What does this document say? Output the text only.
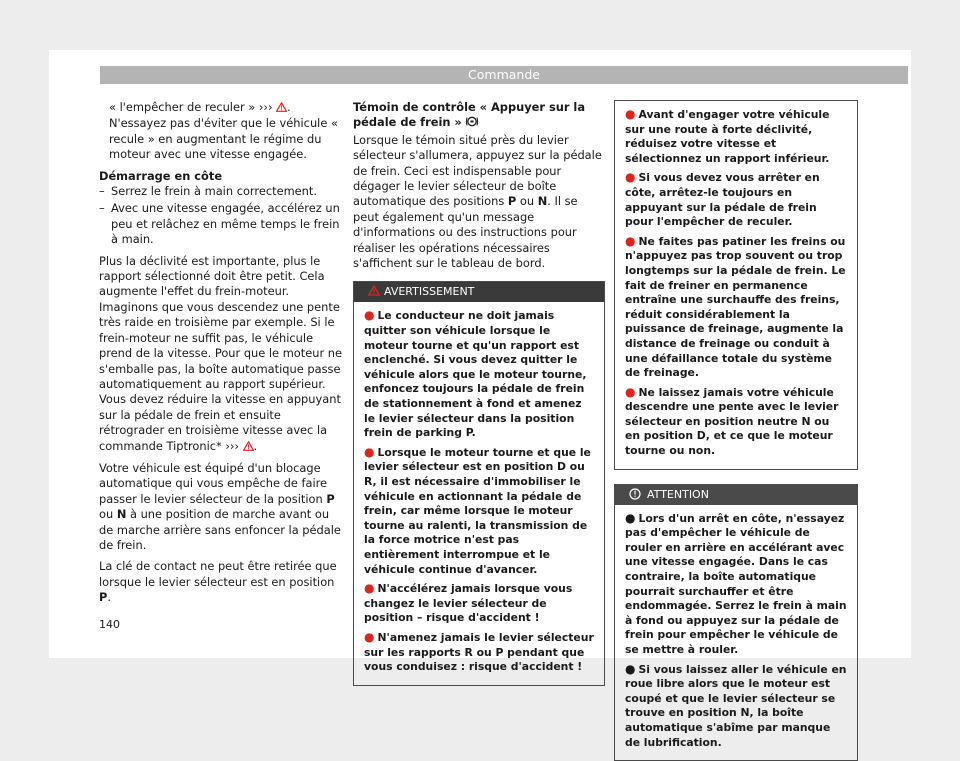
Commande

« l'empêcher de reculer » ››› . N'essayez pas d'éviter que le véhicule « recule » en augmentant le régime du moteur avec une vitesse engagée.

Démarrage en côte

– Serrez le frein à main correctement.
– Avec une vitesse engagée, accélérez un peu et relâchez en même temps le frein à main.

Plus la déclivité est importante, plus le rapport sélectionné doit être petit. Cela augmente l'effet du frein-moteur. Imaginons que vous descendez une pente très raide en troisième par exemple. Si le frein-moteur ne suffit pas, le véhicule prend de la vitesse. Pour que le moteur ne s'emballe pas, la boîte automatique passe automatiquement au rapport supérieur. Vous devez réduire la vitesse en appuyant sur la pédale de frein et ensuite rétrograder en troisième vitesse avec la commande Tiptronic* ››› .

Votre véhicule est équipé d'un blocage automatique qui vous empêche de faire passer le levier sélecteur de la position P ou N à une position de marche avant ou de marche arrière sans enfoncer la pédale de frein.

La clé de contact ne peut être retirée que lorsque le levier sélecteur est en position P.

Témoin de contrôle « Appuyer sur la pédale de frein »

Lorsque le témoin situé près du levier sélecteur s'allumera, appuyez sur la pédale de frein. Ceci est indispensable pour dégager le levier sélecteur de boîte automatique des positions P ou N. Il se peut également qu'un message d'informations ou des instructions pour réaliser les opérations nécessaires s'affichent sur le tableau de bord.

AVERTISSEMENT
● Le conducteur ne doit jamais quitter son véhicule lorsque le moteur tourne et qu'un rapport est enclenché. Si vous devez quitter le véhicule alors que le moteur tourne, enfoncez toujours la pédale de frein de stationnement à fond et amenez le levier sélecteur dans la position frein de parking P.
● Lorsque le moteur tourne et que le levier sélecteur est en position D ou R, il est nécessaire d'immobiliser le véhicule en actionnant la pédale de frein, car même lorsque le moteur tourne au ralenti, la transmission de la force motrice n'est pas entièrement interrompue et le véhicule continue d'avancer.
● N'accélérez jamais lorsque vous changez le levier sélecteur de position – risque d'accident !
● N'amenez jamais le levier sélecteur sur les rapports R ou P pendant que vous conduisez : risque d'accident !
● Avant d'engager votre véhicule sur une route à forte déclivité, réduisez votre vitesse et sélectionnez un rapport inférieur.
● Si vous devez vous arrêter en côte, arrêtez-le toujours en appuyant sur la pédale de frein pour l'empêcher de reculer.
● Ne faites pas patiner les freins ou n'appuyez pas trop souvent ou trop longtemps sur la pédale de frein. Le fait de freiner en permanence entraîne une surchauffe des freins, réduit considérablement la puissance de freinage, augmente la distance de freinage ou conduit à une défaillance totale du système de freinage.
● Ne laissez jamais votre véhicule descendre une pente avec le levier sélecteur en position neutre N ou en position D, et ce que le moteur tourne ou non.
ATTENTION
● Lors d'un arrêt en côte, n'essayez pas d'empêcher le véhicule de rouler en arrière en accélérant avec une vitesse engagée. Dans le cas contraire, la boîte automatique pourrait surchauffer et être endommagée. Serrez le frein à main à fond ou appuyez sur la pédale de frein pour empêcher le véhicule de se mettre à rouler.
● Si vous laissez aller le véhicule en roue libre alors que le moteur est coupé et que le levier sélecteur se trouve en position N, la boîte automatique s'abîme par manque de lubrification.
140
